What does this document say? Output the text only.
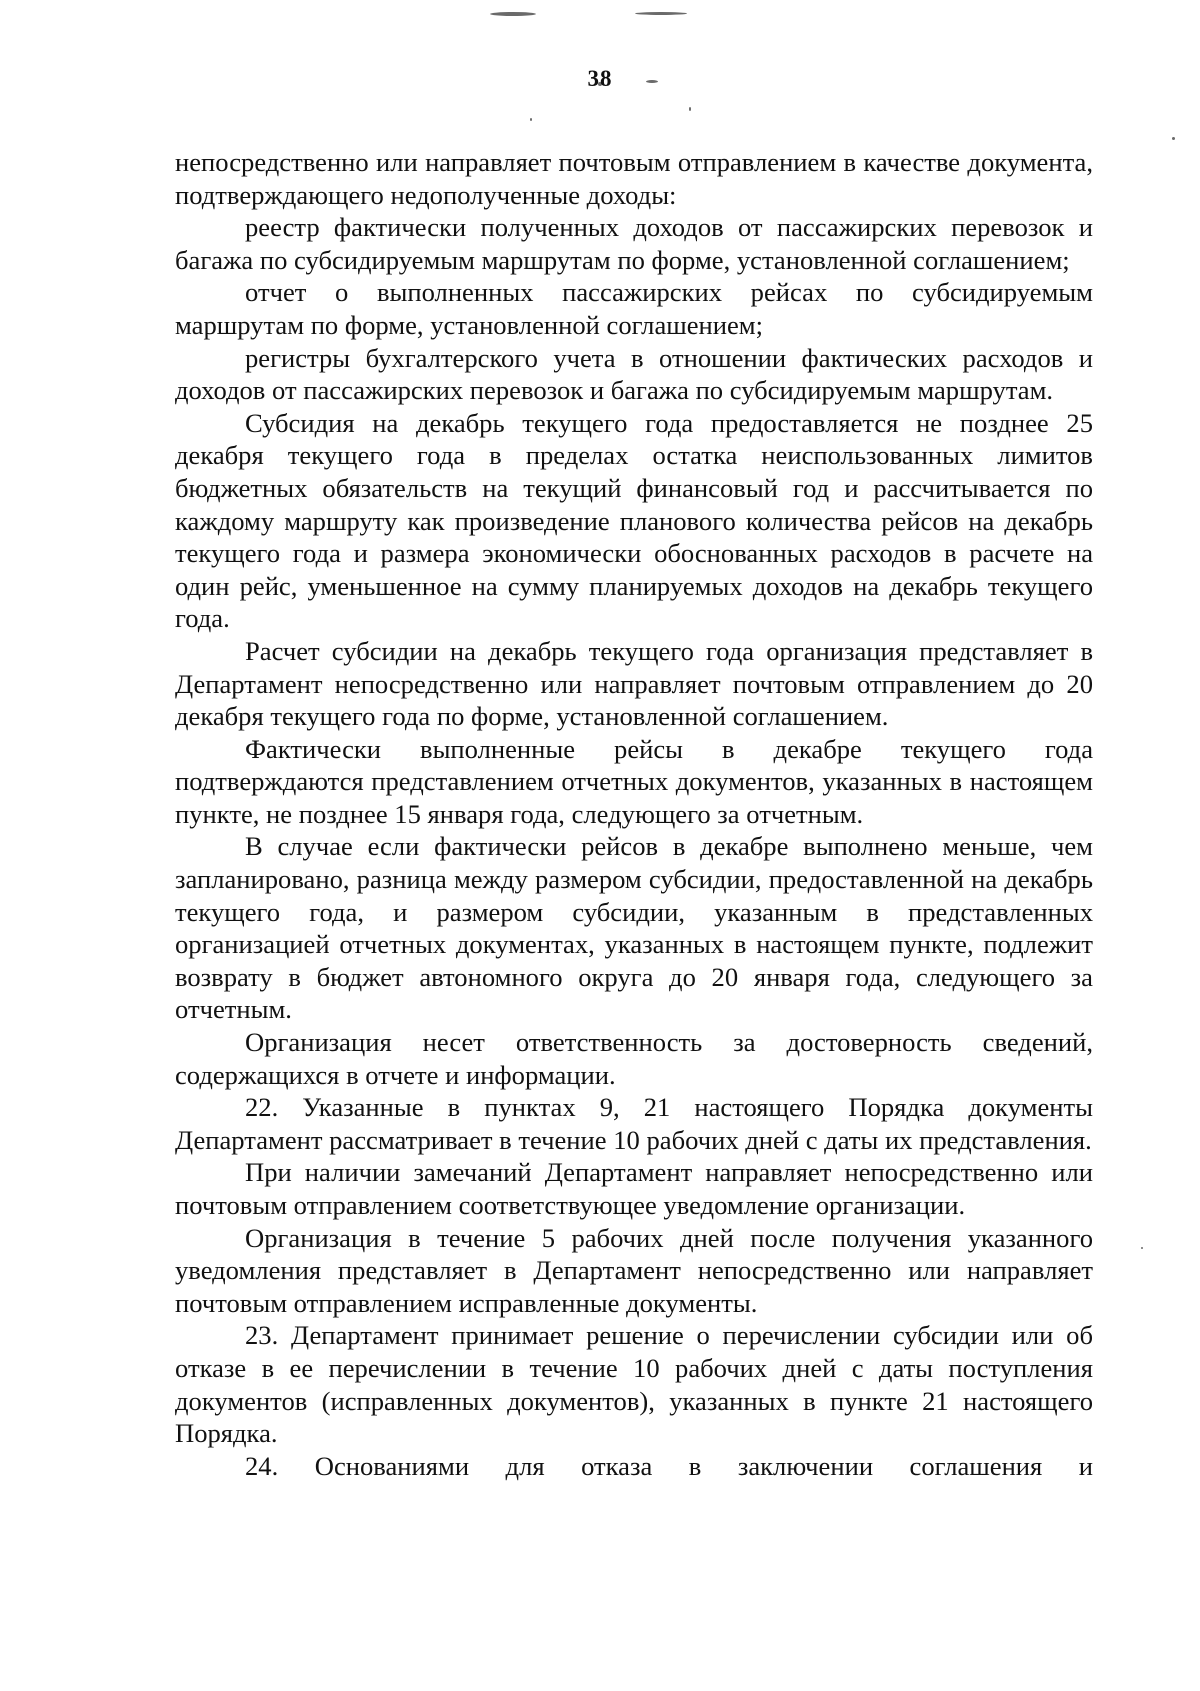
38

непосредственно или направляет почтовым отправлением в качестве документа, подтверждающего недополученные доходы:

реестр фактически полученных доходов от пассажирских перевозок и багажа по субсидируемым маршрутам по форме, установленной соглашением;

отчет о выполненных пассажирских рейсах по субсидируемым маршрутам по форме, установленной соглашением;

регистры бухгалтерского учета в отношении фактических расходов и доходов от пассажирских перевозок и багажа по субсидируемым маршрутам.

Субсидия на декабрь текущего года предоставляется не позднее 25 декабря текущего года в пределах остатка неиспользованных лимитов бюджетных обязательств на текущий финансовый год и рассчитывается по каждому маршруту как произведение планового количества рейсов на декабрь текущего года и размера экономически обоснованных расходов в расчете на один рейс, уменьшенное на сумму планируемых доходов на декабрь текущего года.

Расчет субсидии на декабрь текущего года организация представляет в Департамент непосредственно или направляет почтовым отправлением до 20 декабря текущего года по форме, установленной соглашением.

Фактически выполненные рейсы в декабре текущего года подтверждаются представлением отчетных документов, указанных в настоящем пункте, не позднее 15 января года, следующего за отчетным.

В случае если фактически рейсов в декабре выполнено меньше, чем запланировано, разница между размером субсидии, предоставленной на декабрь текущего года, и размером субсидии, указанным в представленных организацией отчетных документах, указанных в настоящем пункте, подлежит возврату в бюджет автономного округа до 20 января года, следующего за отчетным.

Организация несет ответственность за достоверность сведений, содержащихся в отчете и информации.

22. Указанные в пунктах 9, 21 настоящего Порядка документы Департамент рассматривает в течение 10 рабочих дней с даты их представления.

При наличии замечаний Департамент направляет непосредственно или почтовым отправлением соответствующее уведомление организации.

Организация в течение 5 рабочих дней после получения указанного уведомления представляет в Департамент непосредственно или направляет почтовым отправлением исправленные документы.

23. Департамент принимает решение о перечислении субсидии или об отказе в ее перечислении в течение 10 рабочих дней с даты поступления документов (исправленных документов), указанных в пункте 21 настоящего Порядка.

24. Основаниями для отказа в заключении соглашения и
